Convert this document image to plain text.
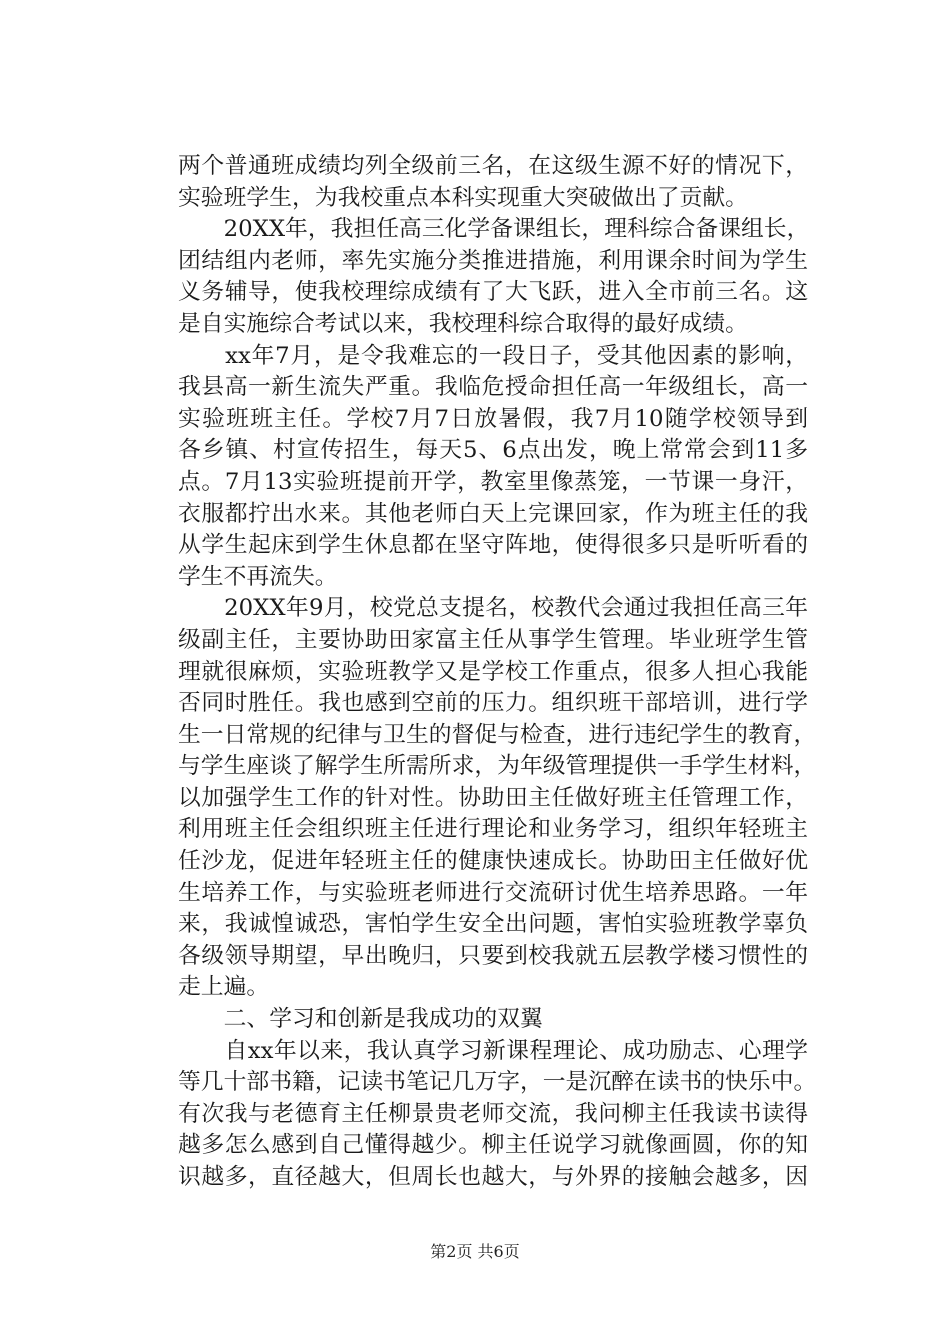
两个普通班成绩均列全级前三名，在这级生源不好的情况下，
实验班学生，为我校重点本科实现重大突破做出了贡献。
　　20XX年，我担任高三化学备课组长，理科综合备课组长，
团结组内老师，率先实施分类推进措施，利用课余时间为学生
义务辅导，使我校理综成绩有了大飞跃，进入全市前三名。这
是自实施综合考试以来，我校理科综合取得的最好成绩。
　　xx年7月，是令我难忘的一段日子，受其他因素的影响，
我县高一新生流失严重。我临危授命担任高一年级组长，高一
实验班班主任。学校7月7日放暑假，我7月10随学校领导到
各乡镇、村宣传招生，每天5、6点出发，晚上常常会到11多
点。7月13实验班提前开学，教室里像蒸笼，一节课一身汗，
衣服都拧出水来。其他老师白天上完课回家，作为班主任的我
从学生起床到学生休息都在坚守阵地，使得很多只是听听看的
学生不再流失。
　　20XX年9月，校党总支提名，校教代会通过我担任高三年
级副主任，主要协助田家富主任从事学生管理。毕业班学生管
理就很麻烦，实验班教学又是学校工作重点，很多人担心我能
否同时胜任。我也感到空前的压力。组织班干部培训，进行学
生一日常规的纪律与卫生的督促与检查，进行违纪学生的教育，
与学生座谈了解学生所需所求，为年级管理提供一手学生材料，
以加强学生工作的针对性。协助田主任做好班主任管理工作，
利用班主任会组织班主任进行理论和业务学习，组织年轻班主
任沙龙，促进年轻班主任的健康快速成长。协助田主任做好优
生培养工作，与实验班老师进行交流研讨优生培养思路。一年
来，我诚惶诚恐，害怕学生安全出问题，害怕实验班教学辜负
各级领导期望，早出晚归，只要到校我就五层教学楼习惯性的
走上遍。
　　二、学习和创新是我成功的双翼
　　自xx年以来，我认真学习新课程理论、成功励志、心理学
等几十部书籍，记读书笔记几万字，一是沉醉在读书的快乐中。
有次我与老德育主任柳景贵老师交流，我问柳主任我读书读得
越多怎么感到自己懂得越少。柳主任说学习就像画圆，你的知
识越多，直径越大，但周长也越大，与外界的接触会越多，因
第2页 共6页
